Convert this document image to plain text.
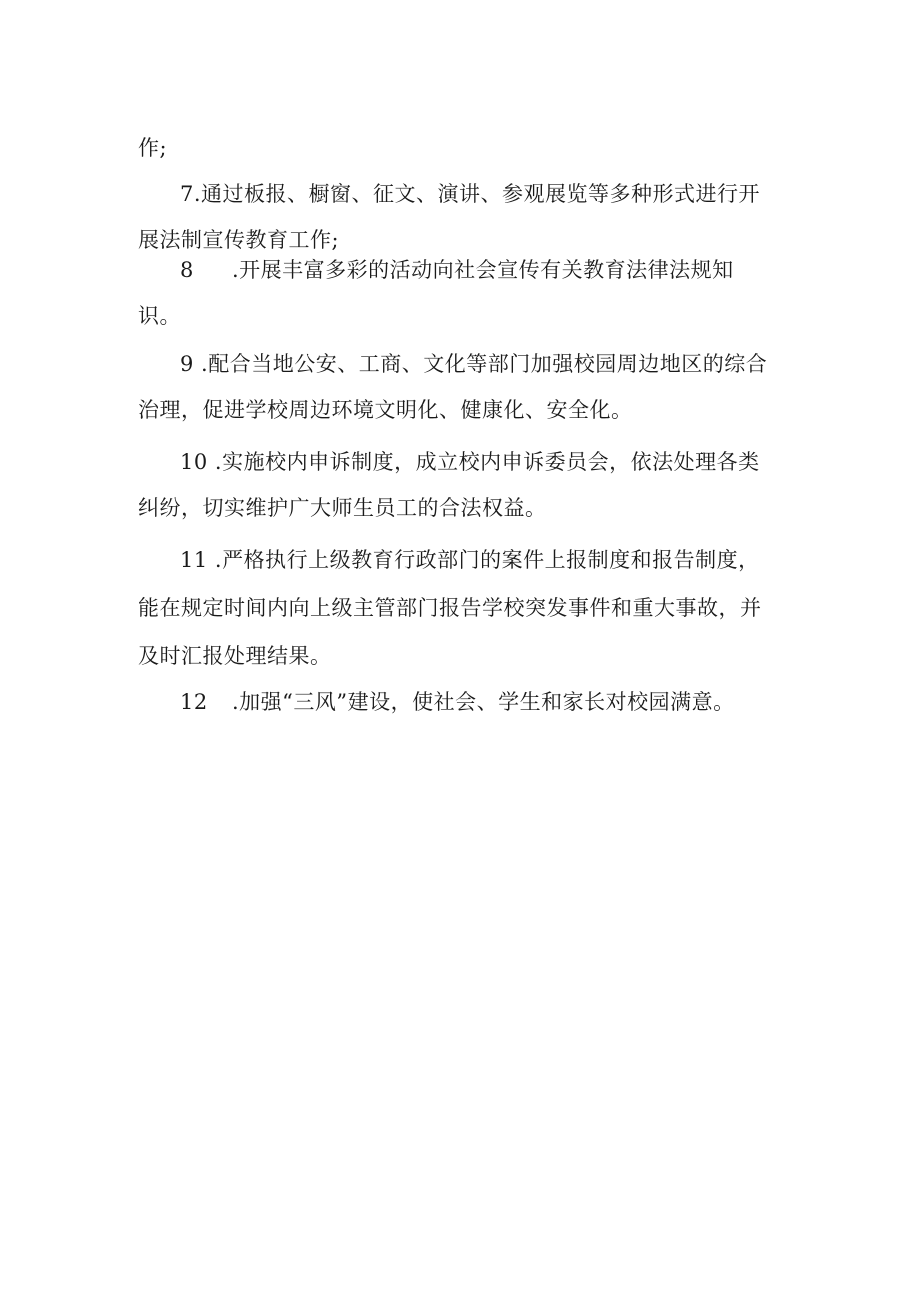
作;
7.通过板报、橱窗、征文、演讲、参观展览等多种形式进行开
展法制宣传教育工作;
8 .开展丰富多彩的活动向社会宣传有关教育法律法规知
识。
9 .配合当地公安、工商、文化等部门加强校园周边地区的综合
治理，促进学校周边环境文明化、健康化、安全化。
10 .实施校内申诉制度，成立校内申诉委员会，依法处理各类
纠纷，切实维护广大师生员工的合法权益。
11 .严格执行上级教育行政部门的案件上报制度和报告制度，
能在规定时间内向上级主管部门报告学校突发事件和重大事故，并
及时汇报处理结果。
12 .加强“三风”建设，使社会、学生和家长对校园满意。
